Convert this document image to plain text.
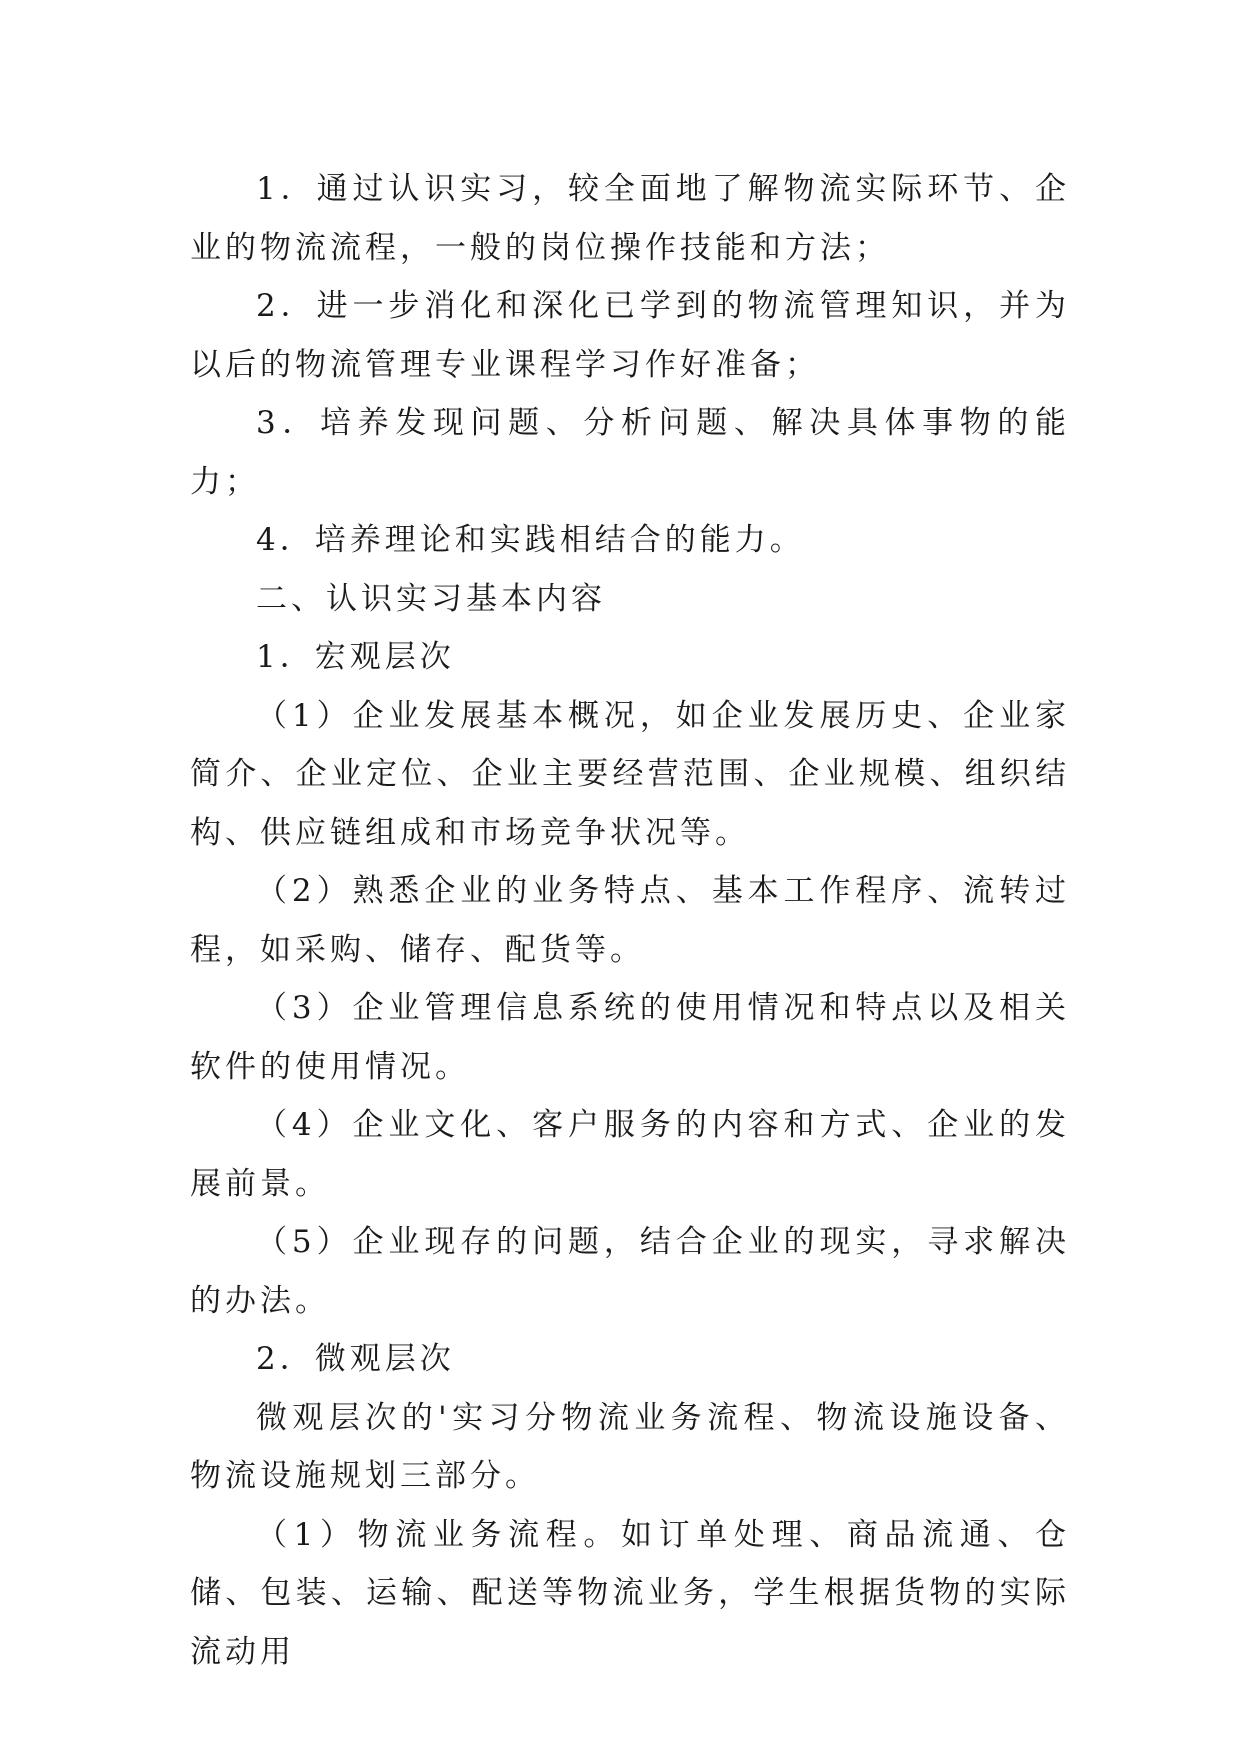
1．通过认识实习，较全面地了解物流实际环节、企业的物流流程，一般的岗位操作技能和方法；

2．进一步消化和深化已学到的物流管理知识，并为以后的物流管理专业课程学习作好准备；

3．培养发现问题、分析问题、解决具体事物的能力；

4．培养理论和实践相结合的能力。

二、认识实习基本内容

1．宏观层次

（1）企业发展基本概况，如企业发展历史、企业家简介、企业定位、企业主要经营范围、企业规模、组织结构、供应链组成和市场竞争状况等。

（2）熟悉企业的业务特点、基本工作程序、流转过程，如采购、储存、配货等。

（3）企业管理信息系统的使用情况和特点以及相关软件的使用情况。

（4）企业文化、客户服务的内容和方式、企业的发展前景。

（5）企业现存的问题，结合企业的现实，寻求解决的办法。

2．微观层次

微观层次的'实习分物流业务流程、物流设施设备、物流设施规划三部分。

（1）物流业务流程。如订单处理、商品流通、仓储、包装、运输、配送等物流业务，学生根据货物的实际流动用
